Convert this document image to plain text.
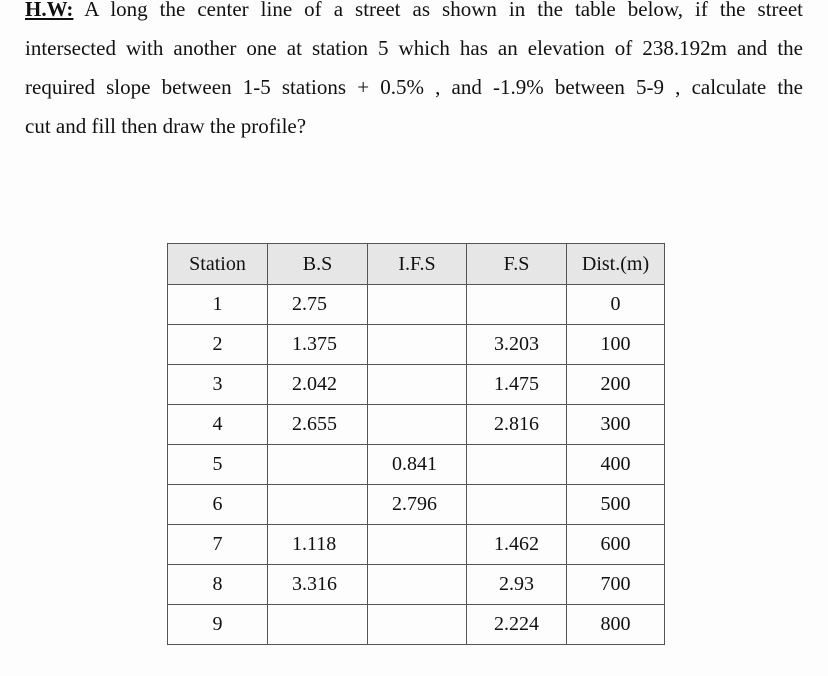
H.W: A long the center line of a street as shown in the table below, if the street
intersected with another one at station 5 which has an elevation of 238.192m and the
required slope between 1-5 stations + 0.5% , and -1.9% between 5-9 , calculate the
cut and fill then draw the profile?
Station	B.S	I.F.S	F.S	Dist.(m)
1	2.75			0
2	1.375		3.203	100
3	2.042		1.475	200
4	2.655		2.816	300
5		0.841		400
6		2.796		500
7	1.118		1.462	600
8	3.316		2.93	700
9			2.224	800
